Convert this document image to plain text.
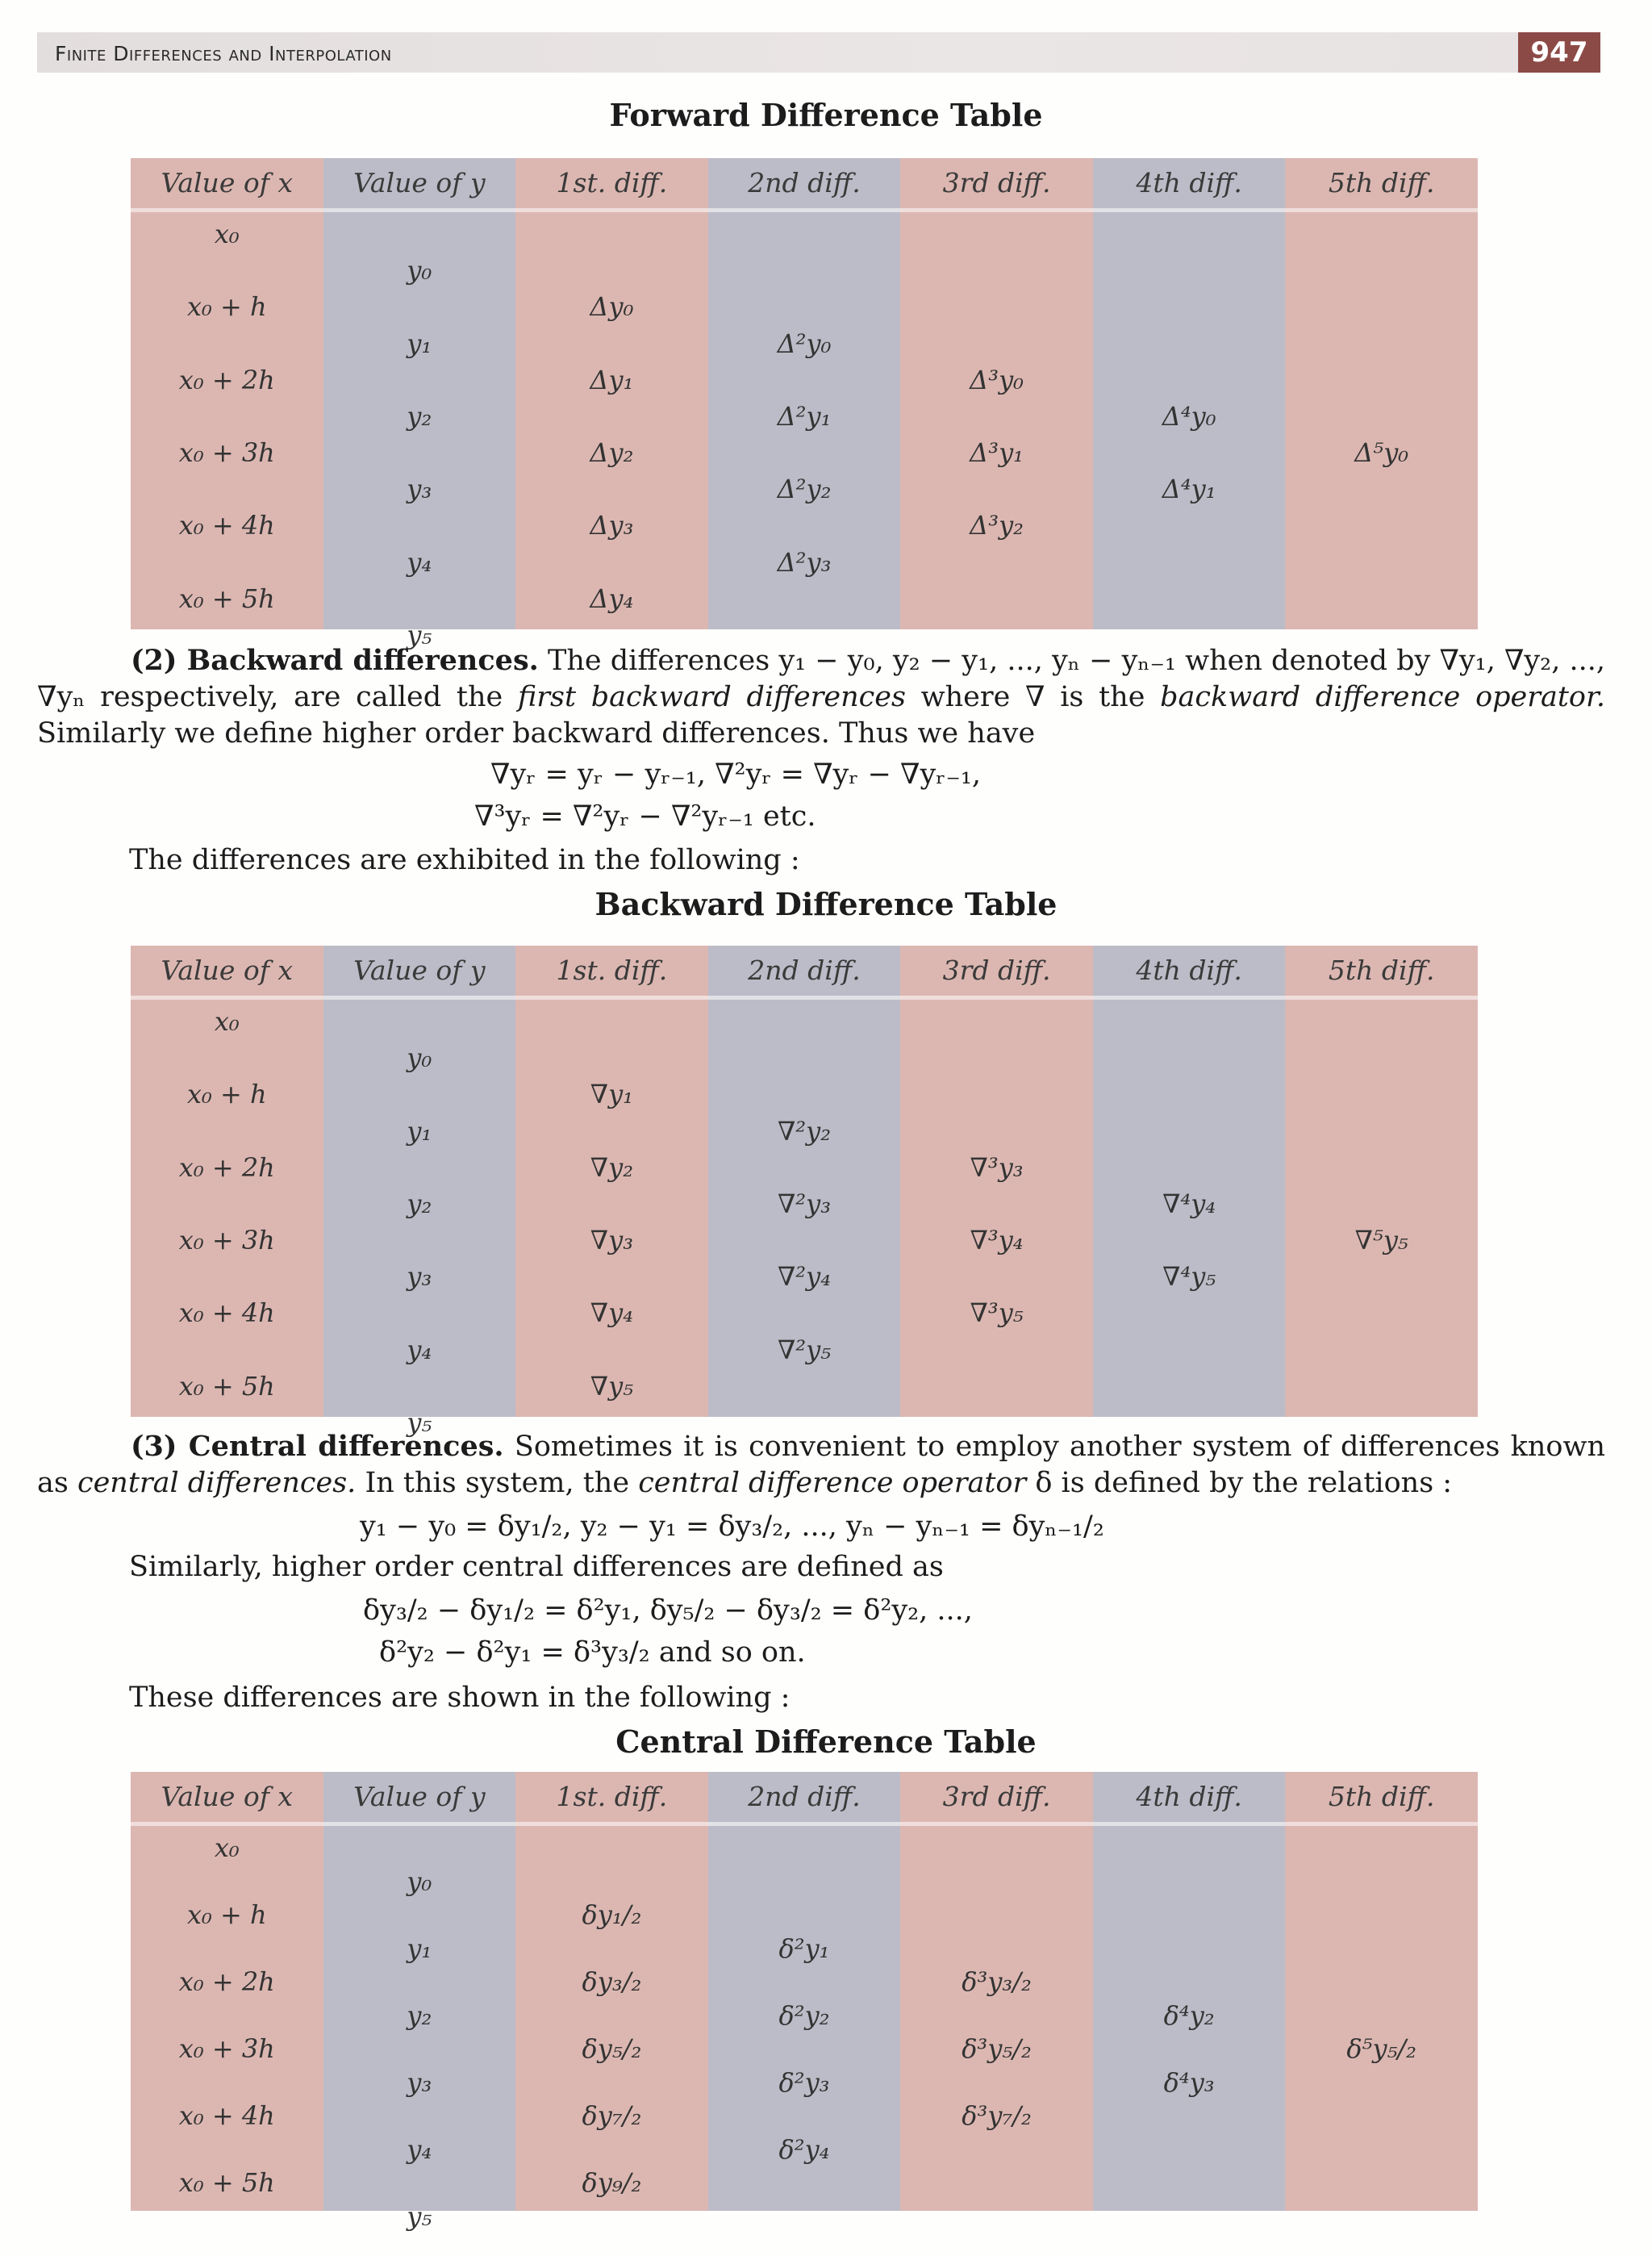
Finite Differences and Interpolation	947
Forward Difference Table
Value of x
x₀
x₀ + h
x₀ + 2h
x₀ + 3h
x₀ + 4h
x₀ + 5h
Value of y
y₀
y₁
y₂
y₃
y₄
y₅
1st. diff.
Δy₀
Δy₁
Δy₂
Δy₃
Δy₄
2nd diff.
Δ²y₀
Δ²y₁
Δ²y₂
Δ²y₃
3rd diff.
Δ³y₀
Δ³y₁
Δ³y₂
4th diff.
Δ⁴y₀
Δ⁴y₁
5th diff.
Δ⁵y₀
(2) Backward differences. The differences y₁ − y₀, y₂ − y₁, ..., yₙ − yₙ₋₁ when denoted by ∇y₁, ∇y₂, ..., ∇yₙ respectively, are called the first backward differences where ∇ is the backward difference operator. Similarly we define higher order backward differences. Thus we have
∇yᵣ = yᵣ − yᵣ₋₁, ∇²yᵣ = ∇yᵣ − ∇yᵣ₋₁,
∇³yᵣ = ∇²yᵣ − ∇²yᵣ₋₁ etc.
The differences are exhibited in the following :
Backward Difference Table
Value of x
x₀
x₀ + h
x₀ + 2h
x₀ + 3h
x₀ + 4h
x₀ + 5h
Value of y
y₀
y₁
y₂
y₃
y₄
y₅
1st. diff.
∇y₁
∇y₂
∇y₃
∇y₄
∇y₅
2nd diff.
∇²y₂
∇²y₃
∇²y₄
∇²y₅
3rd diff.
∇³y₃
∇³y₄
∇³y₅
4th diff.
∇⁴y₄
∇⁴y₅
5th diff.
∇⁵y₅
(3) Central differences. Sometimes it is convenient to employ another system of differences known as central differences. In this system, the central difference operator δ is defined by the relations :
y₁ − y₀ = δy₁/₂, y₂ − y₁ = δy₃/₂, ..., yₙ − yₙ₋₁ = δyₙ₋₁/₂
Similarly, higher order central differences are defined as
δy₃/₂ − δy₁/₂ = δ²y₁, δy₅/₂ − δy₃/₂ = δ²y₂, ...,
δ²y₂ − δ²y₁ = δ³y₃/₂ and so on.
These differences are shown in the following :
Central Difference Table
Value of x
x₀
x₀ + h
x₀ + 2h
x₀ + 3h
x₀ + 4h
x₀ + 5h
Value of y
y₀
y₁
y₂
y₃
y₄
y₅
1st. diff.
δy₁/₂
δy₃/₂
δy₅/₂
δy₇/₂
δy₉/₂
2nd diff.
δ²y₁
δ²y₂
δ²y₃
δ²y₄
3rd diff.
δ³y₃/₂
δ³y₅/₂
δ³y₇/₂
4th diff.
δ⁴y₂
δ⁴y₃
5th diff.
δ⁵y₅/₂
